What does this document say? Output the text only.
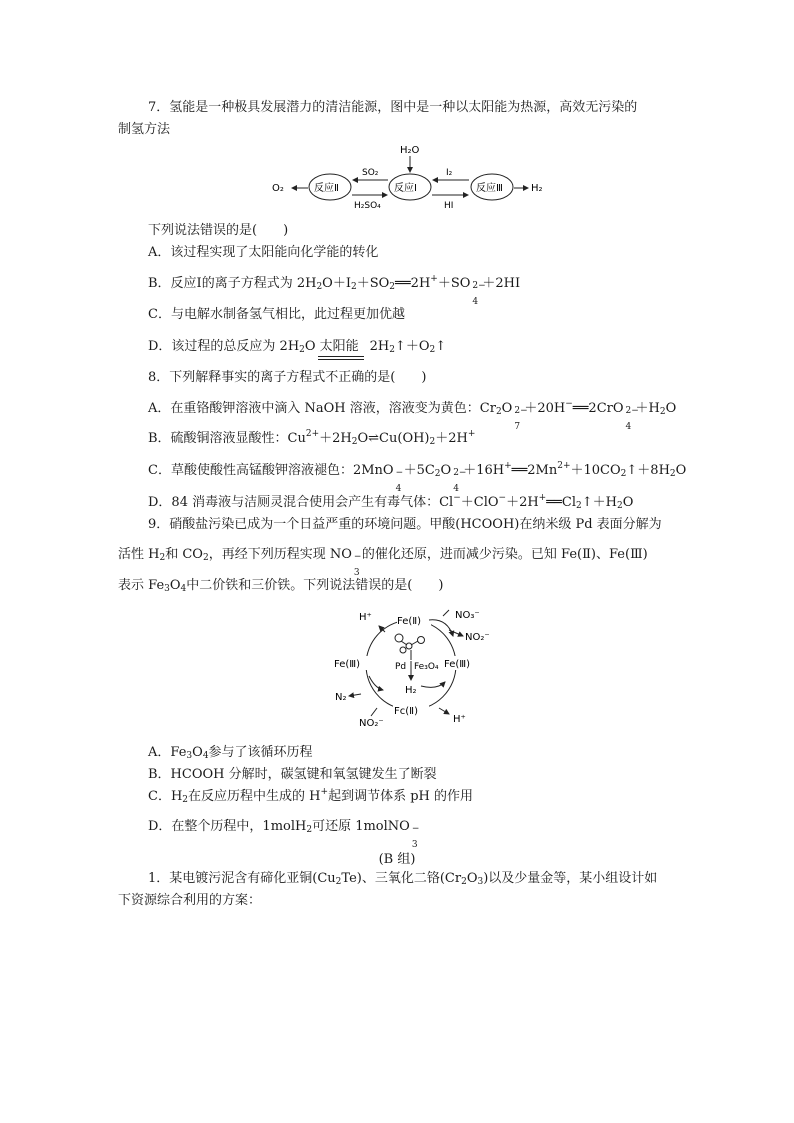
7．氢能是一种极具发展潜力的清洁能源，图中是一种以太阳能为热源，高效无污染的
制氢方法
H₂O
O₂	反应Ⅱ	反应Ⅰ	反应Ⅲ
SO₂
H₂SO₄
I₂
HI
H₂
下列说法错误的是(　　)
A．该过程实现了太阳能向化学能的转化
B．反应Ⅰ的离子方程式为 $2H_2O+I_2+SO_2══2H^++SO$ 2−
4
＋2HI
C．与电解水制备氢气相比，此过程更加优越
D．该过程的总反应为 $2H_2O$ 太阳能 $2H_2↑+O_2↑$
8．下列解释事实的离子方程式不正确的是(　　)
A．在重铬酸钾溶液中滴入 NaOH 溶液，溶液变为黄色：$Cr_2O$ 2−
7
＋20H−══2CrO 2−
4
$+H_2O$
B．硫酸铜溶液显酸性：$Cu^{2+}+2H_2O\rightleftharpoons Cu(OH)_2+2H^+$
C．草酸使酸性高锰酸钾溶液褪色：2MnO −
4
$+5C_2O$ 2−
4
$+16H^+══2Mn^{2+}+10CO_2↑+8H_2O$
D．84 消毒液与洁厕灵混合使用会产生有毒气体：$Cl^-+ClO^-+2H^+══Cl_2↑+H_2O$
9．硝酸盐污染已成为一个日益严重的环境问题。甲酸(HCOOH)在纳米级 Pd 表面分解为
活性 $H_2$和 $CO_2$，再经下列历程实现 NO −
3
的催化还原，进而减少污染。已知 Fe(Ⅱ)、Fe(Ⅲ)
表示 $Fe_3O_4$中二价铁和三价铁。下列说法错误的是(　　)
H⁺	Fe(Ⅱ)
NO₃⁻
NO₂⁻
Fe(Ⅲ)	Fe(Ⅲ)
Pd Fe₃O₄
H₂
N₂
Fc(Ⅱ)
NO₂⁻	H⁺
A．$Fe_3O_4$参与了该循环历程
B．HCOOH 分解时，碳氢键和氧氢键发生了断裂
C．$H_2$在反应历程中生成的 H+起到调节体系 pH 的作用
D．在整个历程中，1molH$_2$可还原 1molNO −
3
(B 组)
1．某电镀污泥含有碲化亚铜$(Cu_2Te)$、三氧化二铬$(Cr_2O_3)$以及少量金等，某小组设计如
下资源综合利用的方案：
